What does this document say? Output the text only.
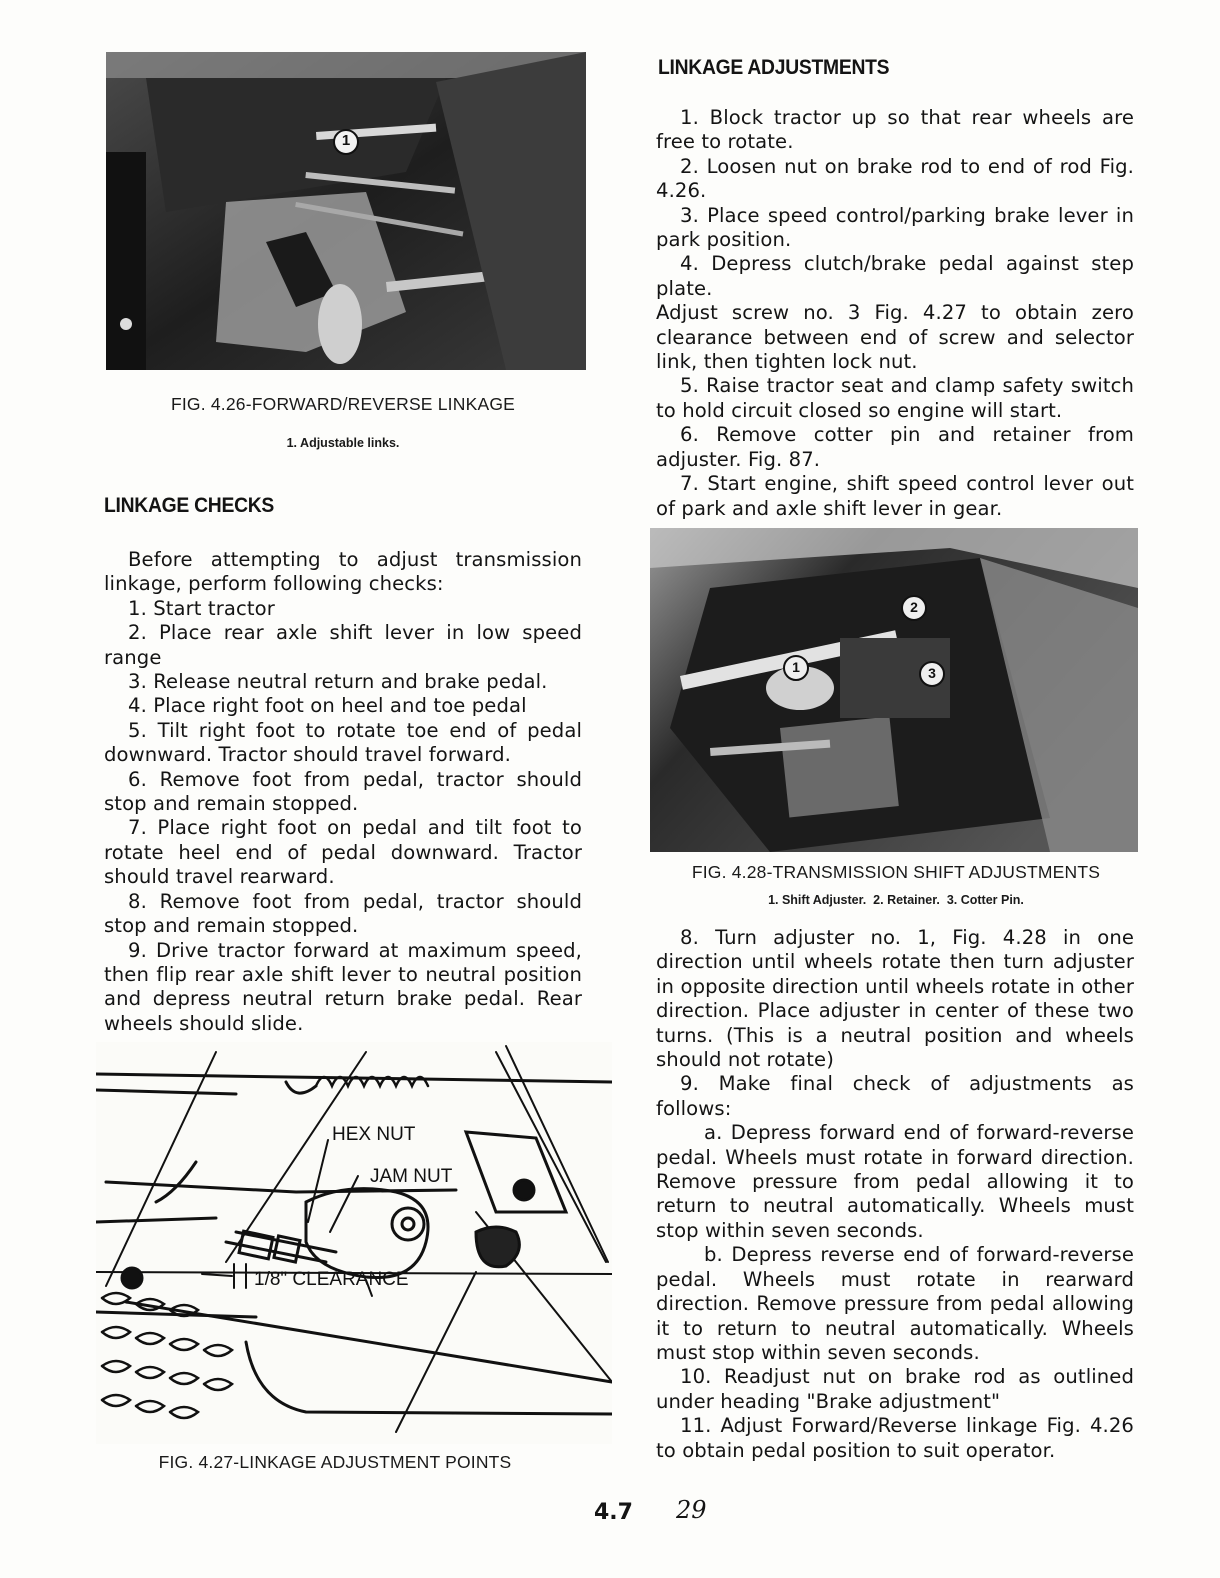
1
FIG. 4.26-FORWARD/REVERSE LINKAGE
1. Adjustable links.
LINKAGE CHECKS

Before attempting to adjust transmission linkage, perform following checks:

1. Start tractor

2. Place rear axle shift lever in low speed range

3. Release neutral return and brake pedal.

4. Place right foot on heel and toe pedal

5. Tilt right foot to rotate toe end of pedal downward. Tractor should travel forward.

6. Remove foot from pedal, tractor should stop and remain stopped.

7. Place right foot on pedal and tilt foot to rotate heel end of pedal downward. Tractor should travel rearward.

8. Remove foot from pedal, tractor should stop and remain stopped.

9. Drive tractor forward at maximum speed, then flip rear axle shift lever to neutral position and depress neutral return brake pedal. Rear wheels should slide.

HEX NUT
JAM NUT
1/8" CLEARANCE
FIG. 4.27-LINKAGE ADJUSTMENT POINTS
LINKAGE ADJUSTMENTS

1. Block tractor up so that rear wheels are free to rotate.

2. Loosen nut on brake rod to end of rod Fig. 4.26.

3. Place speed control/parking brake lever in park position.

4. Depress clutch/brake pedal against step plate.

Adjust screw no. 3 Fig. 4.27 to obtain zero clearance between end of screw and selector link, then tighten lock nut.

5. Raise tractor seat and clamp safety switch to hold circuit closed so engine will start.

6. Remove cotter pin and retainer from adjuster. Fig. 87.

7. Start engine, shift speed control lever out of park and axle shift lever in gear.

2
1	3
FIG. 4.28-TRANSMISSION SHIFT ADJUSTMENTS
1. Shift Adjuster.  2. Retainer.  3. Cotter Pin.

8. Turn adjuster no. 1, Fig. 4.28 in one direction until wheels rotate then turn adjuster in opposite direction until wheels rotate in other direction. Place adjuster in center of these two turns. (This is a neutral position and wheels should not rotate)

9. Make final check of adjustments as follows:

a. Depress forward end of forward-reverse pedal. Wheels must rotate in forward direction. Remove pressure from pedal allowing it to return to neutral automatically. Wheels must stop within seven seconds.

b. Depress reverse end of forward-reverse pedal. Wheels must rotate in rearward direction. Remove pressure from pedal allowing it to return to neutral automatically. Wheels must stop within seven seconds.

10. Readjust nut on brake rod as outlined under heading "Brake adjustment"

11. Adjust Forward/Reverse linkage Fig. 4.26 to obtain pedal position to suit operator.

4.7 29
